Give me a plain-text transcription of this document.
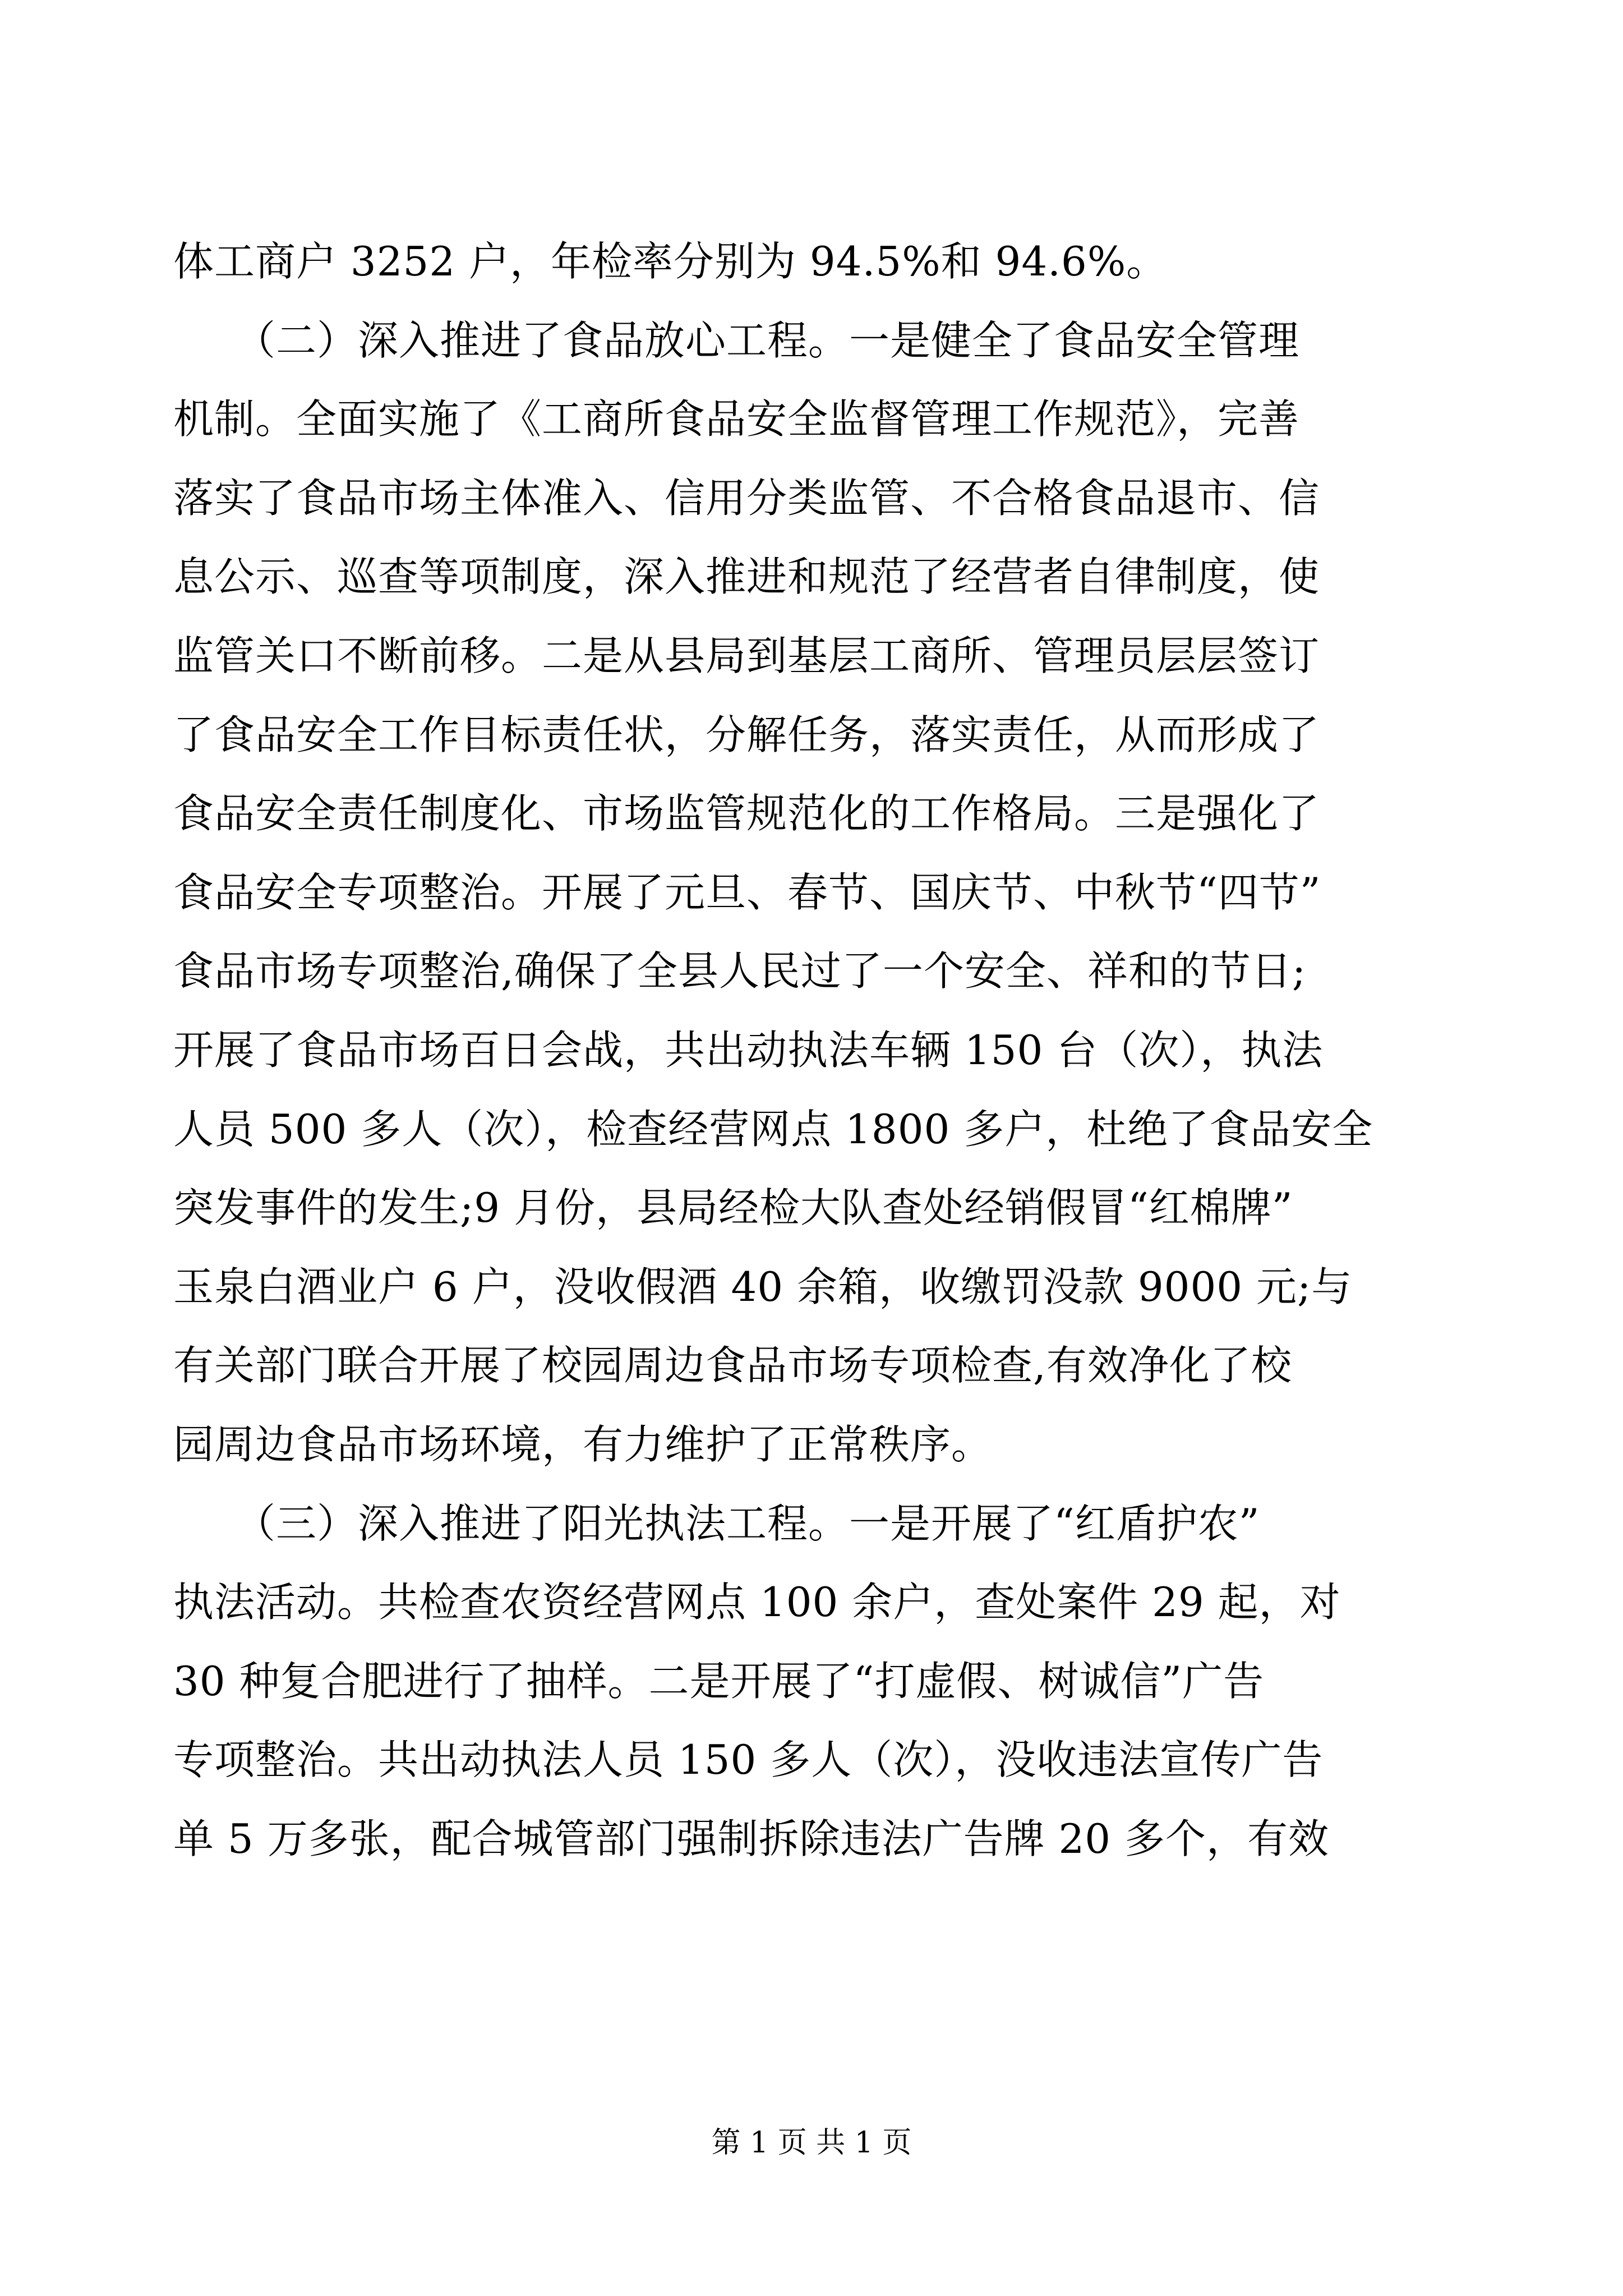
体工商户 3252 户，年检率分别为 94.5%和 94.6%。
　　（二）深入推进了食品放心工程。一是健全了食品安全管理
机制。全面实施了《工商所食品安全监督管理工作规范》，完善
落实了食品市场主体准入、信用分类监管、不合格食品退市、信
息公示、巡查等项制度，深入推进和规范了经营者自律制度，使
监管关口不断前移。二是从县局到基层工商所、管理员层层签订
了食品安全工作目标责任状，分解任务，落实责任，从而形成了
食品安全责任制度化、市场监管规范化的工作格局。三是强化了
食品安全专项整治。开展了元旦、春节、国庆节、中秋节“四节”
食品市场专项整治,确保了全县人民过了一个安全、祥和的节日;
开展了食品市场百日会战，共出动执法车辆 150 台（次），执法
人员 500 多人（次），检查经营网点 1800 多户，杜绝了食品安全
突发事件的发生;9 月份，县局经检大队查处经销假冒“红棉牌”
玉泉白酒业户 6 户，没收假酒 40 余箱，收缴罚没款 9000 元;与
有关部门联合开展了校园周边食品市场专项检查,有效净化了校
园周边食品市场环境，有力维护了正常秩序。
　　（三）深入推进了阳光执法工程。一是开展了“红盾护农”
执法活动。共检查农资经营网点 100 余户，查处案件 29 起，对
30 种复合肥进行了抽样。二是开展了“打虚假、树诚信”广告
专项整治。共出动执法人员 150 多人（次），没收违法宣传广告
单 5 万多张，配合城管部门强制拆除违法广告牌 20 多个，有效
第 1 页 共 1 页
